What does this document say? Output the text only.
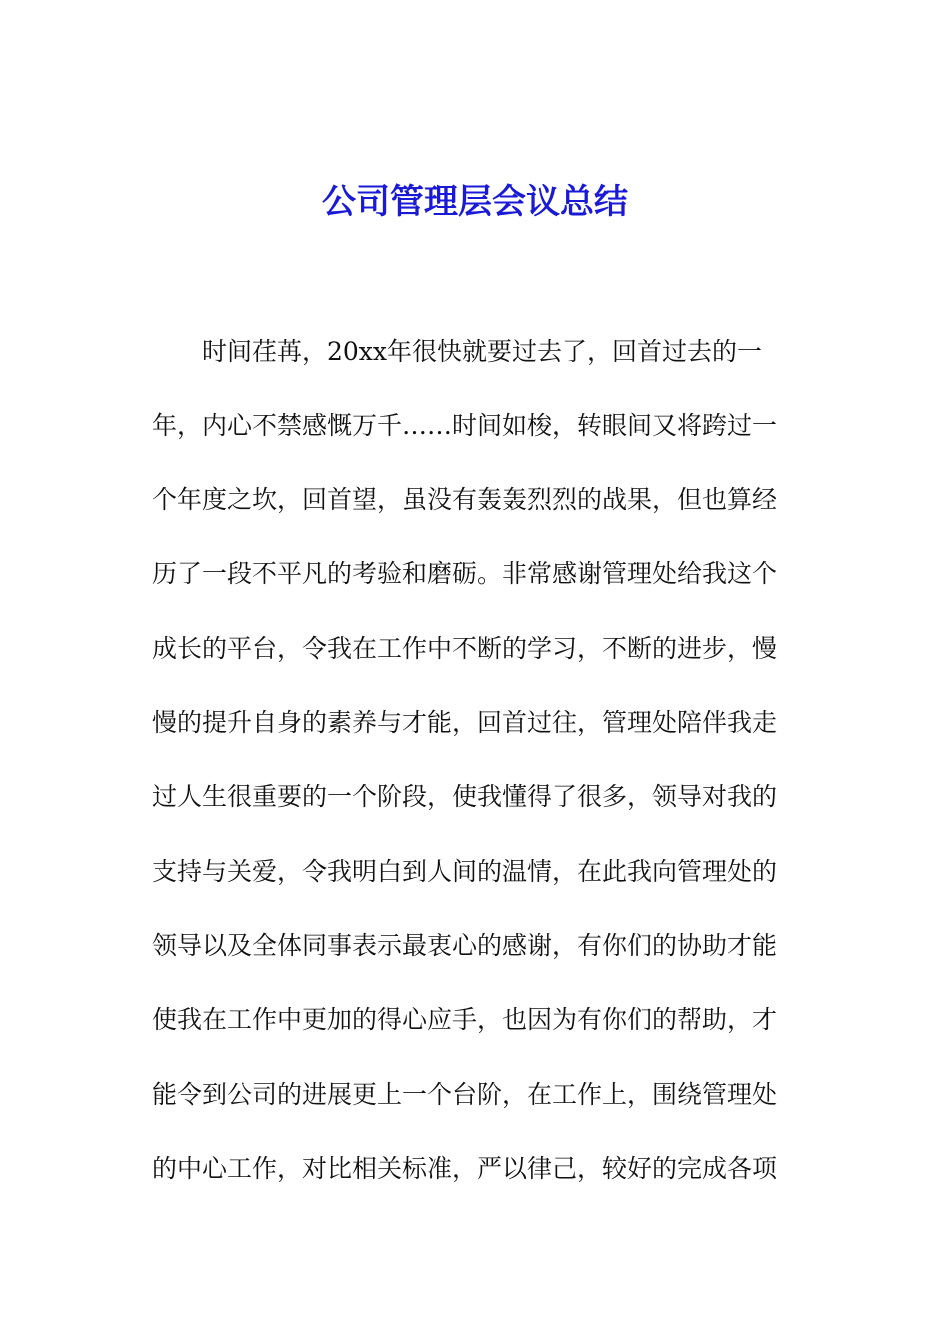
公司管理层会议总结

时间荏苒，20xx年很快就要过去了，回首过去的一

年，内心不禁感慨万千……时间如梭，转眼间又将跨过一

个年度之坎，回首望，虽没有轰轰烈烈的战果，但也算经

历了一段不平凡的考验和磨砺。非常感谢管理处给我这个

成长的平台，令我在工作中不断的学习，不断的进步，慢

慢的提升自身的素养与才能，回首过往，管理处陪伴我走

过人生很重要的一个阶段，使我懂得了很多，领导对我的

支持与关爱，令我明白到人间的温情，在此我向管理处的

领导以及全体同事表示最衷心的感谢，有你们的协助才能

使我在工作中更加的得心应手，也因为有你们的帮助，才

能令到公司的进展更上一个台阶，在工作上，围绕管理处

的中心工作，对比相关标准，严以律己，较好的完成各项
